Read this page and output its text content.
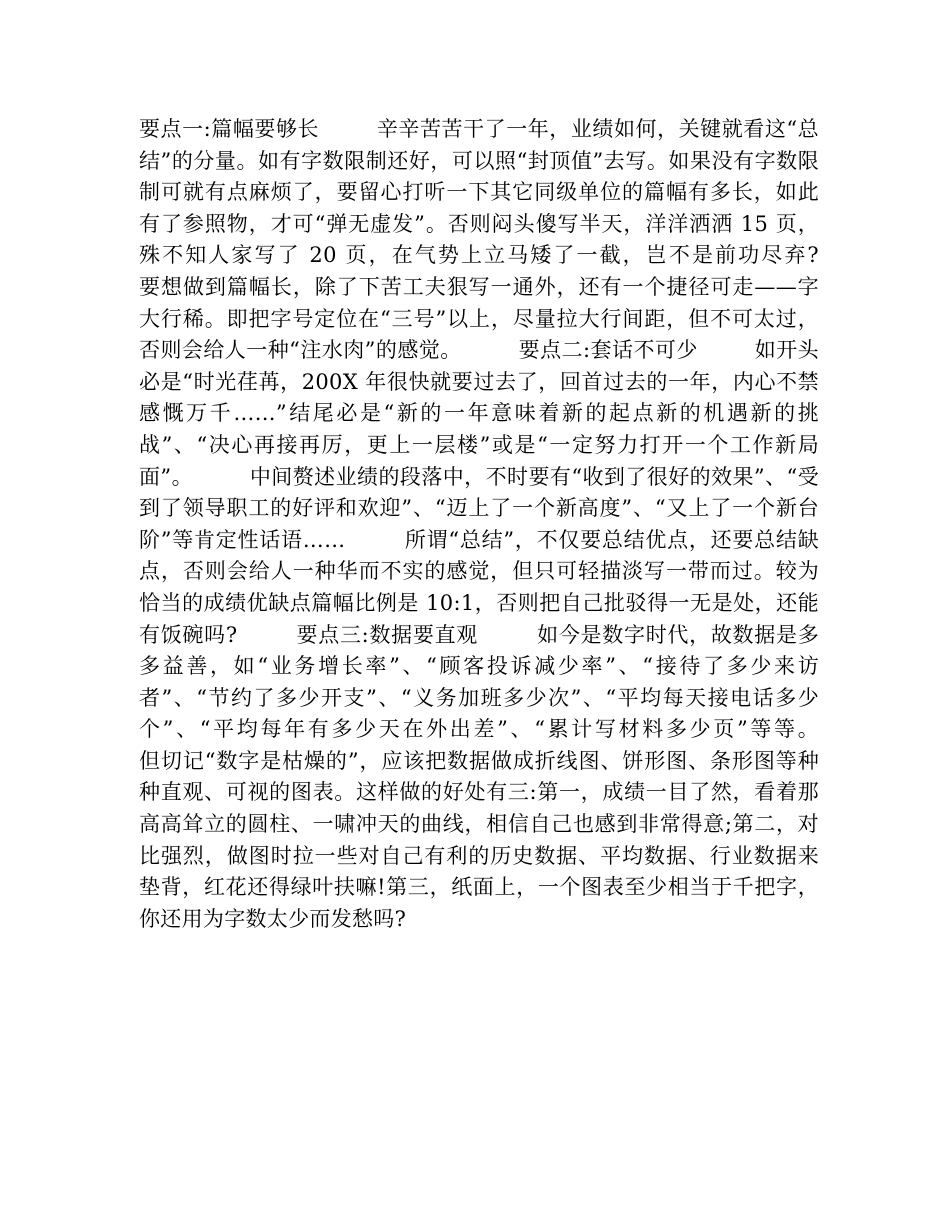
要点一:篇幅要够长        辛辛苦苦干了一年，业绩如何，关键就看这“总结”的分量。如有字数限制还好，可以照“封顶值”去写。如果没有字数限制可就有点麻烦了，要留心打听一下其它同级单位的篇幅有多长，如此有了参照物，才可“弹无虚发”。否则闷头傻写半天，洋洋洒洒 15 页，殊不知人家写了 20 页，在气势上立马矮了一截，岂不是前功尽弃?        要想做到篇幅长，除了下苦工夫狠写一通外，还有一个捷径可走——字大行稀。即把字号定位在“三号”以上，尽量拉大行间距，但不可太过，否则会给人一种“注水肉”的感觉。        要点二:套话不可少        如开头必是“时光荏苒，200X 年很快就要过去了，回首过去的一年，内心不禁感慨万千……”结尾必是“新的一年意味着新的起点新的机遇新的挑战”、“决心再接再厉，更上一层楼”或是“一定努力打开一个工作新局面”。        中间赘述业绩的段落中，不时要有“收到了很好的效果”、“受到了领导职工的好评和欢迎”、“迈上了一个新高度”、“又上了一个新台阶”等肯定性话语……        所谓“总结”，不仅要总结优点，还要总结缺点，否则会给人一种华而不实的感觉，但只可轻描淡写一带而过。较为恰当的成绩优缺点篇幅比例是 10:1，否则把自己批驳得一无是处，还能有饭碗吗?        要点三:数据要直观        如今是数字时代，故数据是多多益善，如“业务增长率”、“顾客投诉减少率”、“接待了多少来访者”、“节约了多少开支”、“义务加班多少次”、“平均每天接电话多少个”、“平均每年有多少天在外出差”、“累计写材料多少页”等等。        但切记“数字是枯燥的”，应该把数据做成折线图、饼形图、条形图等种种直观、可视的图表。这样做的好处有三:第一，成绩一目了然，看着那高高耸立的圆柱、一啸冲天的曲线，相信自己也感到非常得意;第二，对比强烈，做图时拉一些对自己有利的历史数据、平均数据、行业数据来垫背，红花还得绿叶扶嘛!第三，纸面上，一个图表至少相当于千把字，你还用为字数太少而发愁吗?
